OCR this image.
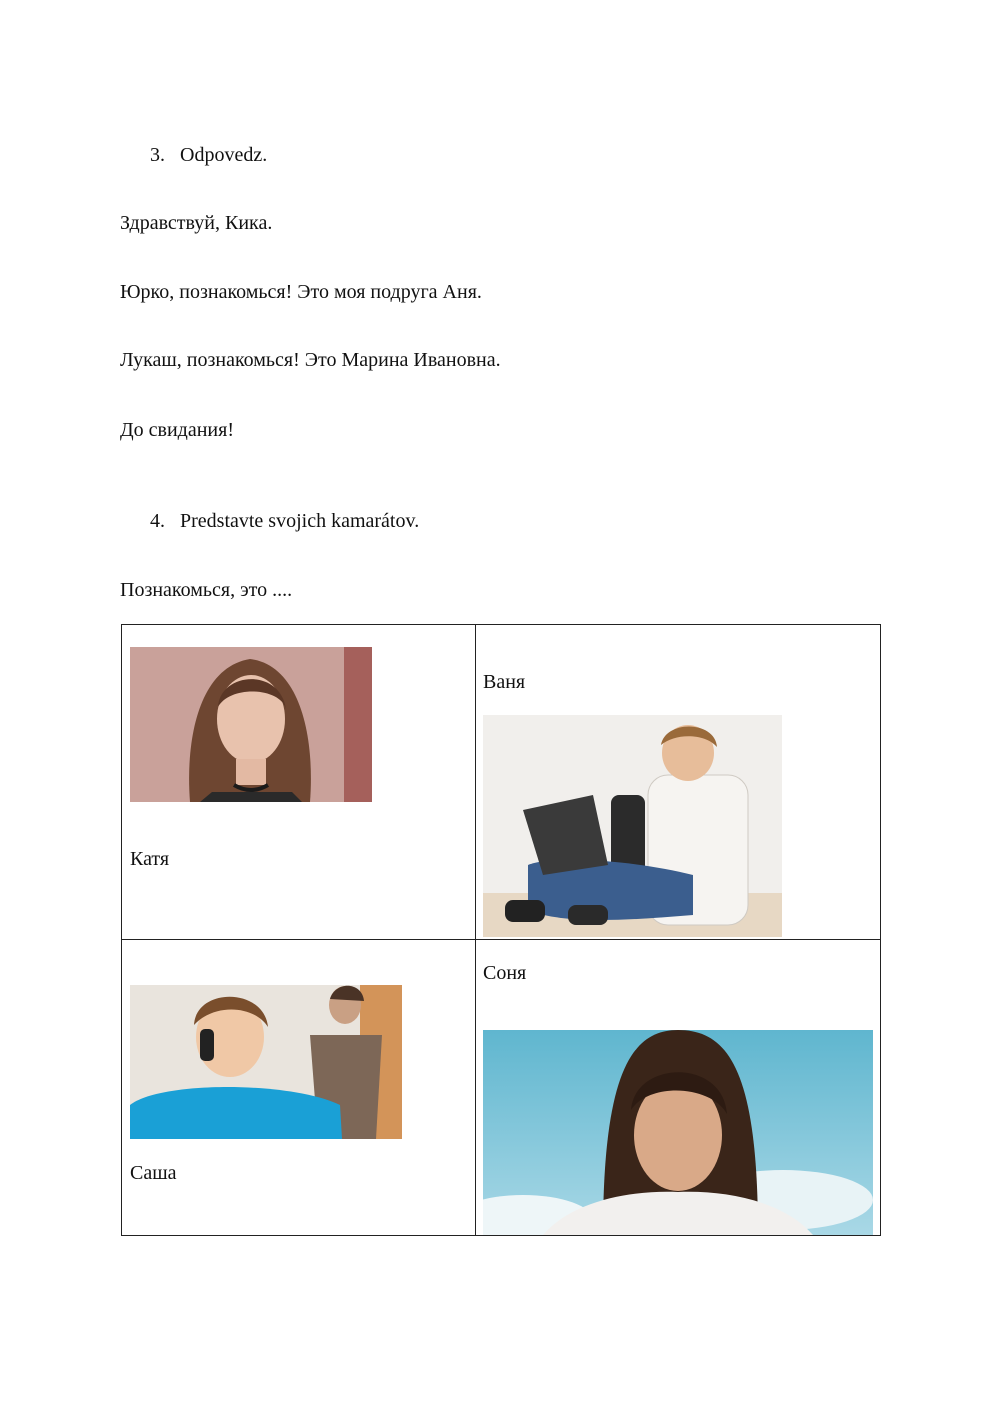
3. Odpovedz.
Здравствуй, Кика.
Юрко, познакомься! Это моя подруга Аня.
Лукаш, познакомься! Это Марина Ивановна.
До свидания!
4. Predstavte svojich kamarátov.
Познакомься, это ....
Катя
Ваня
Саша
Соня
